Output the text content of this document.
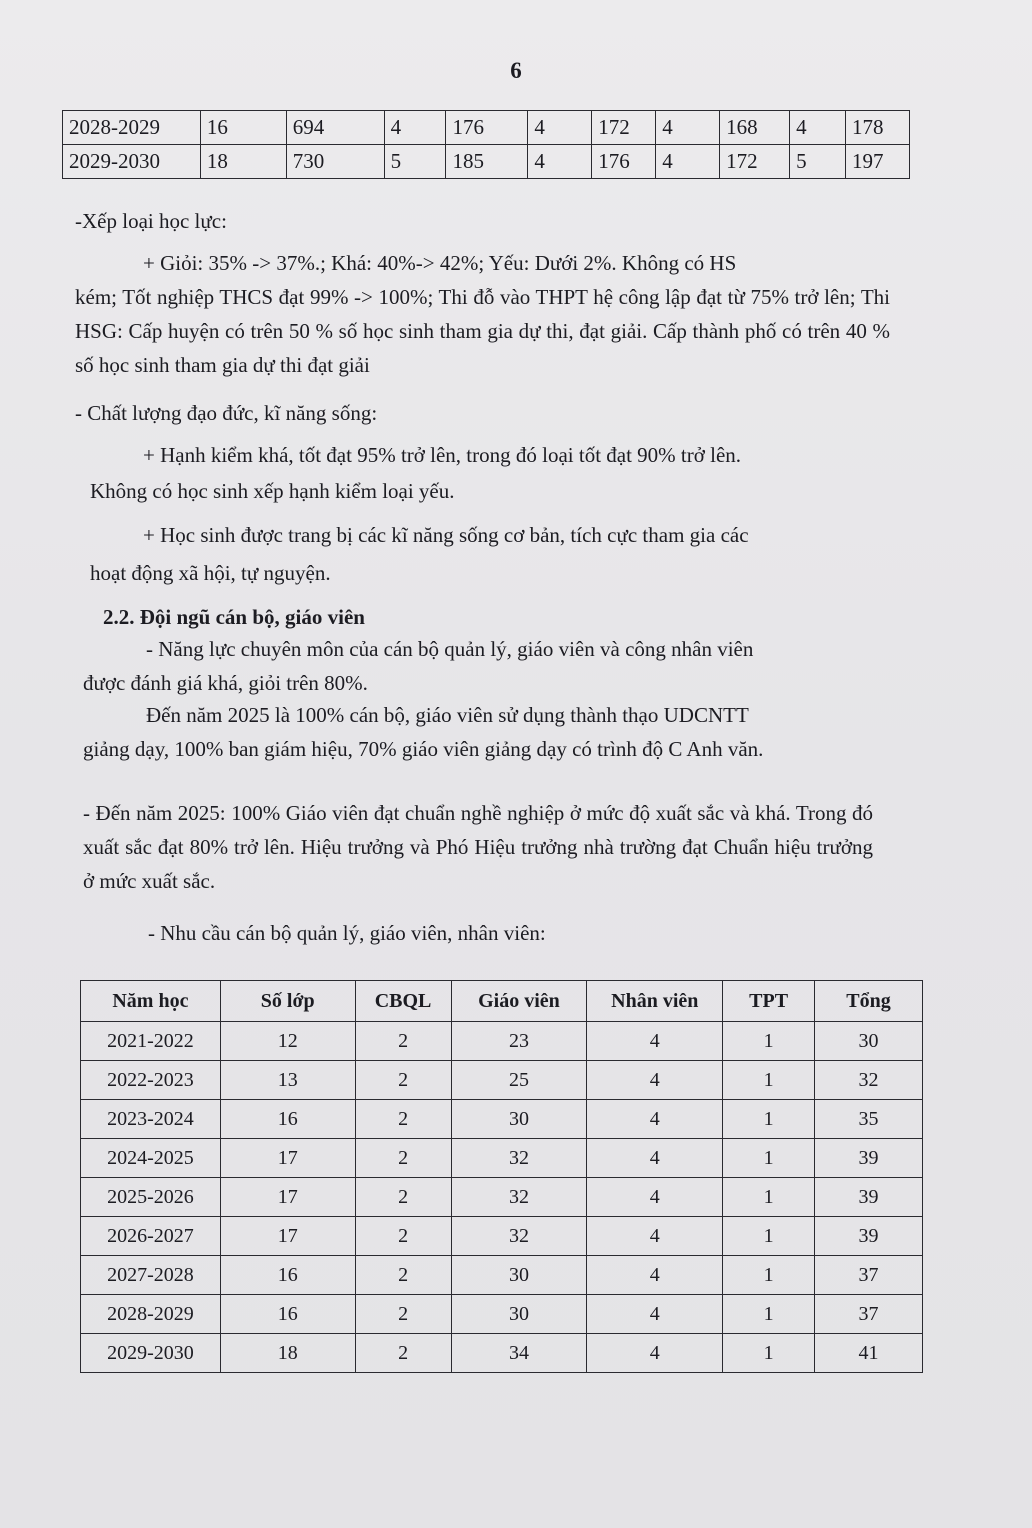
6
2028-2029	16	694	4	176	4	172	4	168	4	178
2029-2030	18	730	5	185	4	176	4	172	5	197

-Xếp loại học lực:

+ Giỏi: 35% -> 37%.; Khá: 40%-> 42%; Yếu: Dưới 2%. Không có HS

kém; Tốt nghiệp THCS đạt 99% -> 100%; Thi đỗ vào THPT hệ công lập đạt từ 75% trở lên; Thi HSG: Cấp huyện có trên 50 % số học sinh tham gia dự thi, đạt giải. Cấp thành phố có trên 40 % số học sinh tham gia dự thi đạt giải

- Chất lượng đạo đức, kĩ năng sống:

+ Hạnh kiểm khá, tốt đạt 95% trở lên, trong đó loại tốt đạt 90% trở lên.

Không có học sinh xếp hạnh kiểm loại yếu.

+ Học sinh được trang bị các kĩ năng sống cơ bản, tích cực tham gia các

hoạt động xã hội, tự nguyện.

2.2. Đội ngũ cán bộ, giáo viên

- Năng lực chuyên môn của cán bộ quản lý, giáo viên và công nhân viên

được đánh giá khá, giỏi trên 80%.

Đến năm 2025 là 100% cán bộ, giáo viên sử dụng thành thạo UDCNTT

giảng dạy, 100% ban giám hiệu, 70% giáo viên giảng dạy có trình độ C Anh văn.

- Đến năm 2025: 100% Giáo viên đạt chuẩn nghề nghiệp ở mức độ xuất sắc và khá. Trong đó xuất sắc đạt 80% trở lên. Hiệu trưởng và Phó Hiệu trưởng nhà trường đạt Chuẩn hiệu trưởng ở mức xuất sắc.

- Nhu cầu cán bộ quản lý, giáo viên, nhân viên:

Năm học	Số lớp	CBQL	Giáo viên	Nhân viên	TPT	Tổng
2021-2022	12	2	23	4	1	30
2022-2023	13	2	25	4	1	32
2023-2024	16	2	30	4	1	35
2024-2025	17	2	32	4	1	39
2025-2026	17	2	32	4	1	39
2026-2027	17	2	32	4	1	39
2027-2028	16	2	30	4	1	37
2028-2029	16	2	30	4	1	37
2029-2030	18	2	34	4	1	41
